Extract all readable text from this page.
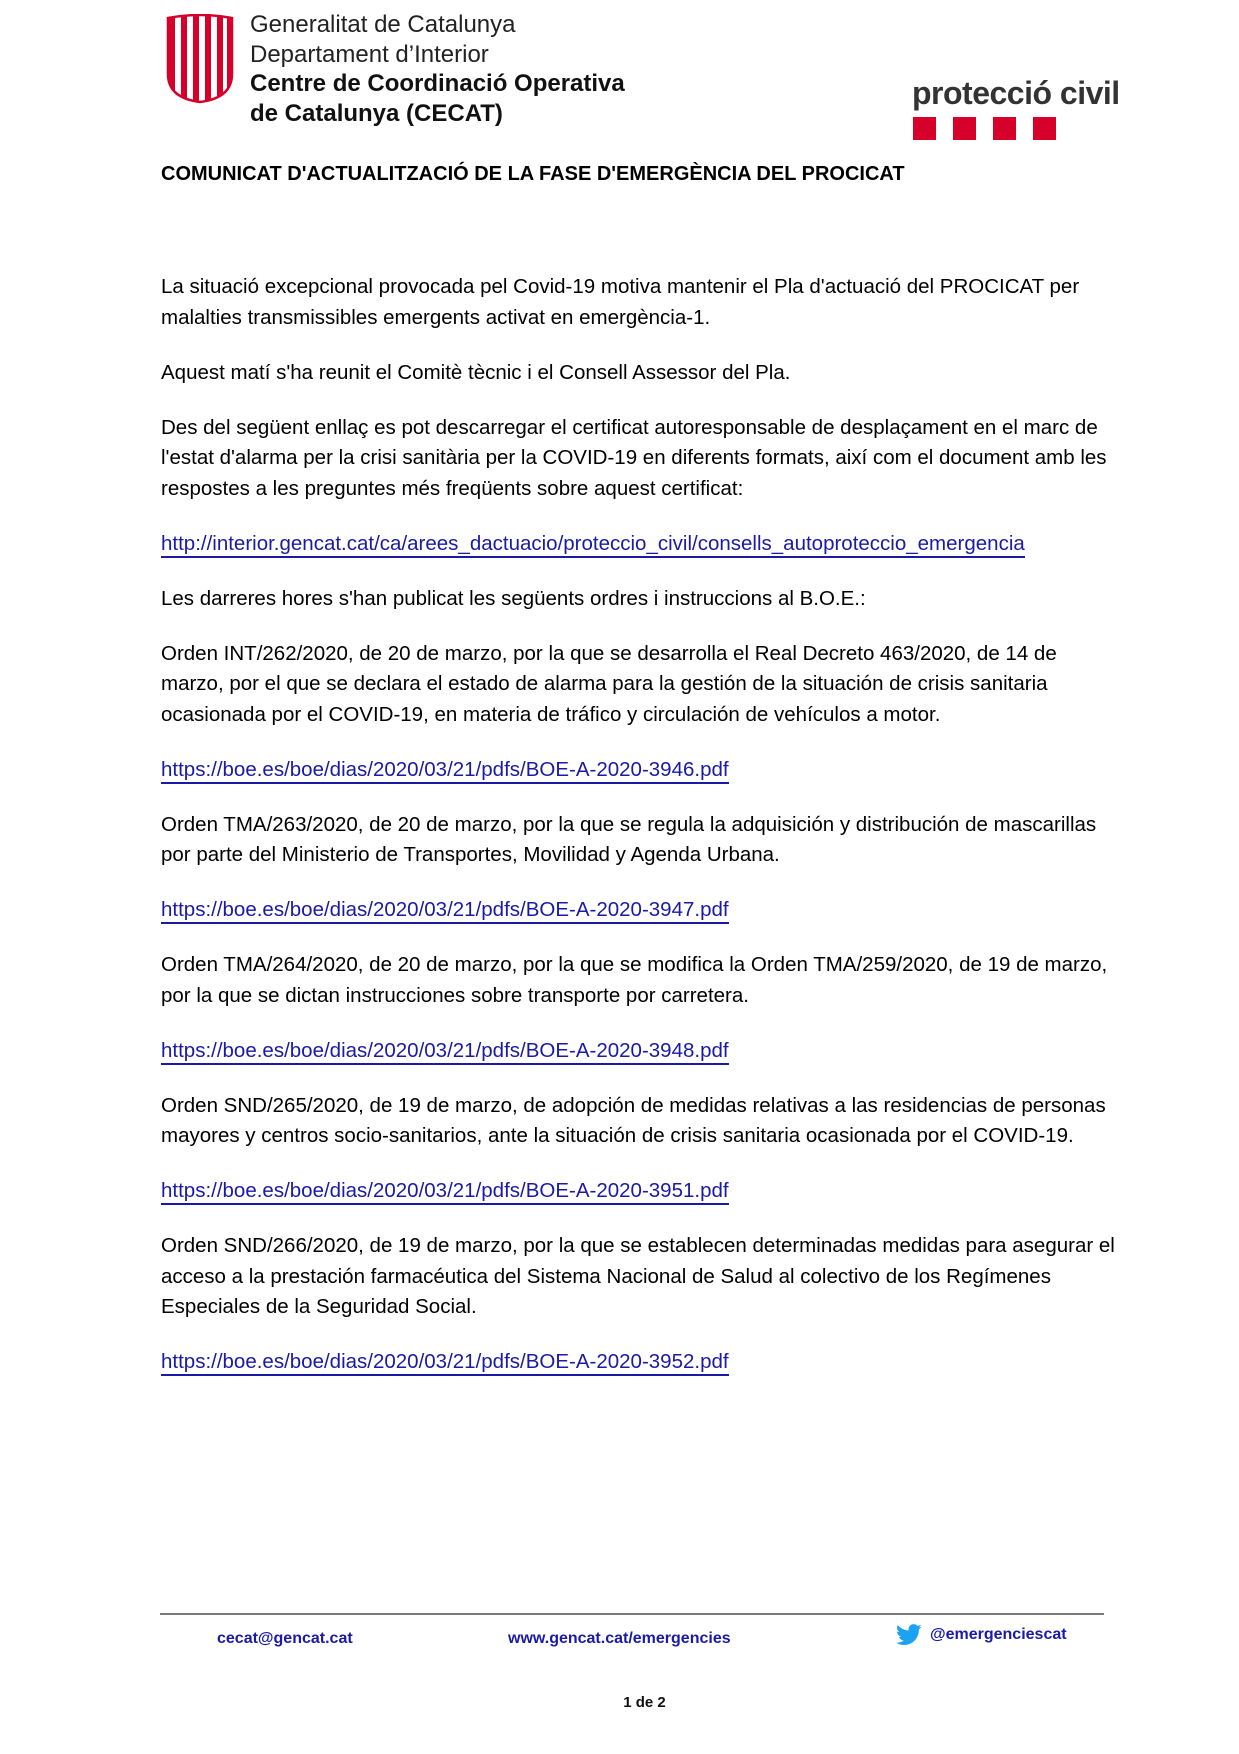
Generalitat de Catalunya
Departament d’Interior
Centre de Coordinació Operativa
de Catalunya (CECAT)
protecció civil
COMUNICAT D'ACTUALITZACIÓ DE LA FASE D'EMERGÈNCIA DEL PROCICAT

La situació excepcional provocada pel Covid-19 motiva mantenir el Pla d'actuació del PROCICAT per malalties transmissibles emergents activat en emergència-1.

Aquest matí s'ha reunit el Comitè tècnic i el Consell Assessor del Pla.

Des del següent enllaç es pot descarregar el certificat autoresponsable de desplaçament en el marc de l'estat d'alarma per la crisi sanitària per la COVID-19 en diferents formats, així com el document amb les respostes a les preguntes més freqüents sobre aquest certificat:

http://interior.gencat.cat/ca/arees_dactuacio/proteccio_civil/consells_autoproteccio_emergencia

Les darreres hores s'han publicat les següents ordres i instruccions al B.O.E.:

Orden INT/262/2020, de 20 de marzo, por la que se desarrolla el Real Decreto 463/2020, de 14 de marzo, por el que se declara el estado de alarma para la gestión de la situación de crisis sanitaria ocasionada por el COVID-19, en materia de tráfico y circulación de vehículos a motor.

https://boe.es/boe/dias/2020/03/21/pdfs/BOE-A-2020-3946.pdf

Orden TMA/263/2020, de 20 de marzo, por la que se regula la adquisición y distribución de mascarillas por parte del Ministerio de Transportes, Movilidad y Agenda Urbana.

https://boe.es/boe/dias/2020/03/21/pdfs/BOE-A-2020-3947.pdf

Orden TMA/264/2020, de 20 de marzo, por la que se modifica la Orden TMA/259/2020, de 19 de marzo, por la que se dictan instrucciones sobre transporte por carretera.

https://boe.es/boe/dias/2020/03/21/pdfs/BOE-A-2020-3948.pdf

Orden SND/265/2020, de 19 de marzo, de adopción de medidas relativas a las residencias de personas mayores y centros socio-sanitarios, ante la situación de crisis sanitaria ocasionada por el COVID-19.

https://boe.es/boe/dias/2020/03/21/pdfs/BOE-A-2020-3951.pdf

Orden SND/266/2020, de 19 de marzo, por la que se establecen determinadas medidas para asegurar el acceso a la prestación farmacéutica del Sistema Nacional de Salud al colectivo de los Regímenes Especiales de la Seguridad Social.

https://boe.es/boe/dias/2020/03/21/pdfs/BOE-A-2020-3952.pdf

cecat@gencat.cat	www.gencat.cat/emergencies	@emergenciescat
1 de 2
